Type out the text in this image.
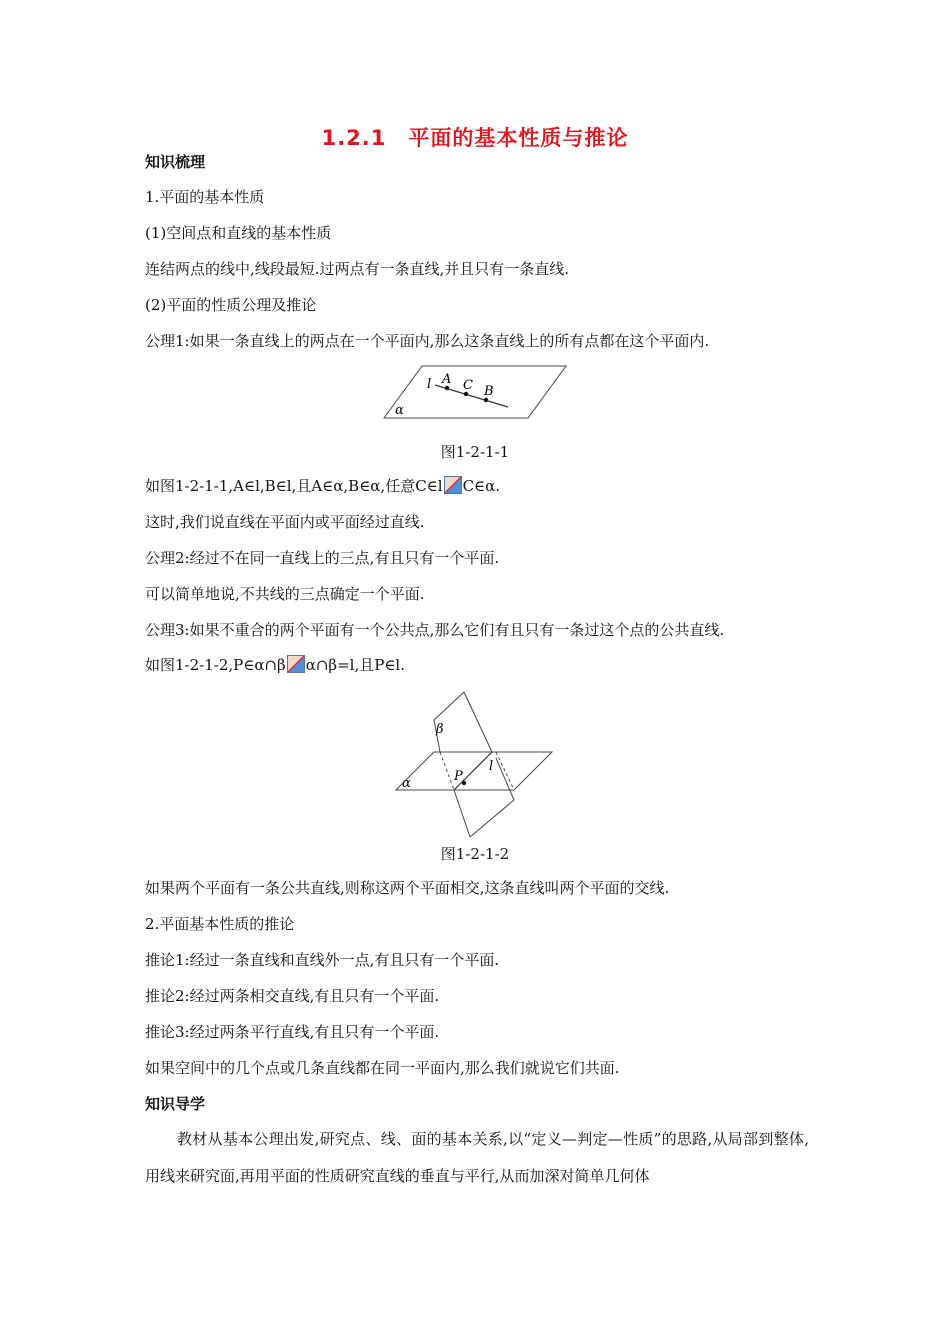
1.2.1　平面的基本性质与推论
知识梳理
1.平面的基本性质
(1)空间点和直线的基本性质
连结两点的线中,线段最短.过两点有一条直线,并且只有一条直线.
(2)平面的性质公理及推论
公理1:如果一条直线上的两点在一个平面内,那么这条直线上的所有点都在这个平面内.
l A C B
α
图1-2-1-1
如图1-2-1-1,A∈l,B∈l,且A∈α,B∈α,任意C∈l C∈α.
这时,我们说直线在平面内或平面经过直线.
公理2:经过不在同一直线上的三点,有且只有一个平面.
可以简单地说,不共线的三点确定一个平面.
公理3:如果不重合的两个平面有一个公共点,那么它们有且只有一条过这个点的公共直线.
如图1-2-1-2,P∈α∩β α∩β=l,且P∈l.
β
α	P
l
图1-2-1-2
如果两个平面有一条公共直线,则称这两个平面相交,这条直线叫两个平面的交线.
2.平面基本性质的推论
推论1:经过一条直线和直线外一点,有且只有一个平面.
推论2:经过两条相交直线,有且只有一个平面.
推论3:经过两条平行直线,有且只有一个平面.
如果空间中的几个点或几条直线都在同一平面内,那么我们就说它们共面.
知识导学

教材从基本公理出发,研究点、线、面的基本关系,以“定义—判定—性质”的思路,从局部到整体,用线来研究面,再用平面的性质研究直线的垂直与平行,从而加深对简单几何体
